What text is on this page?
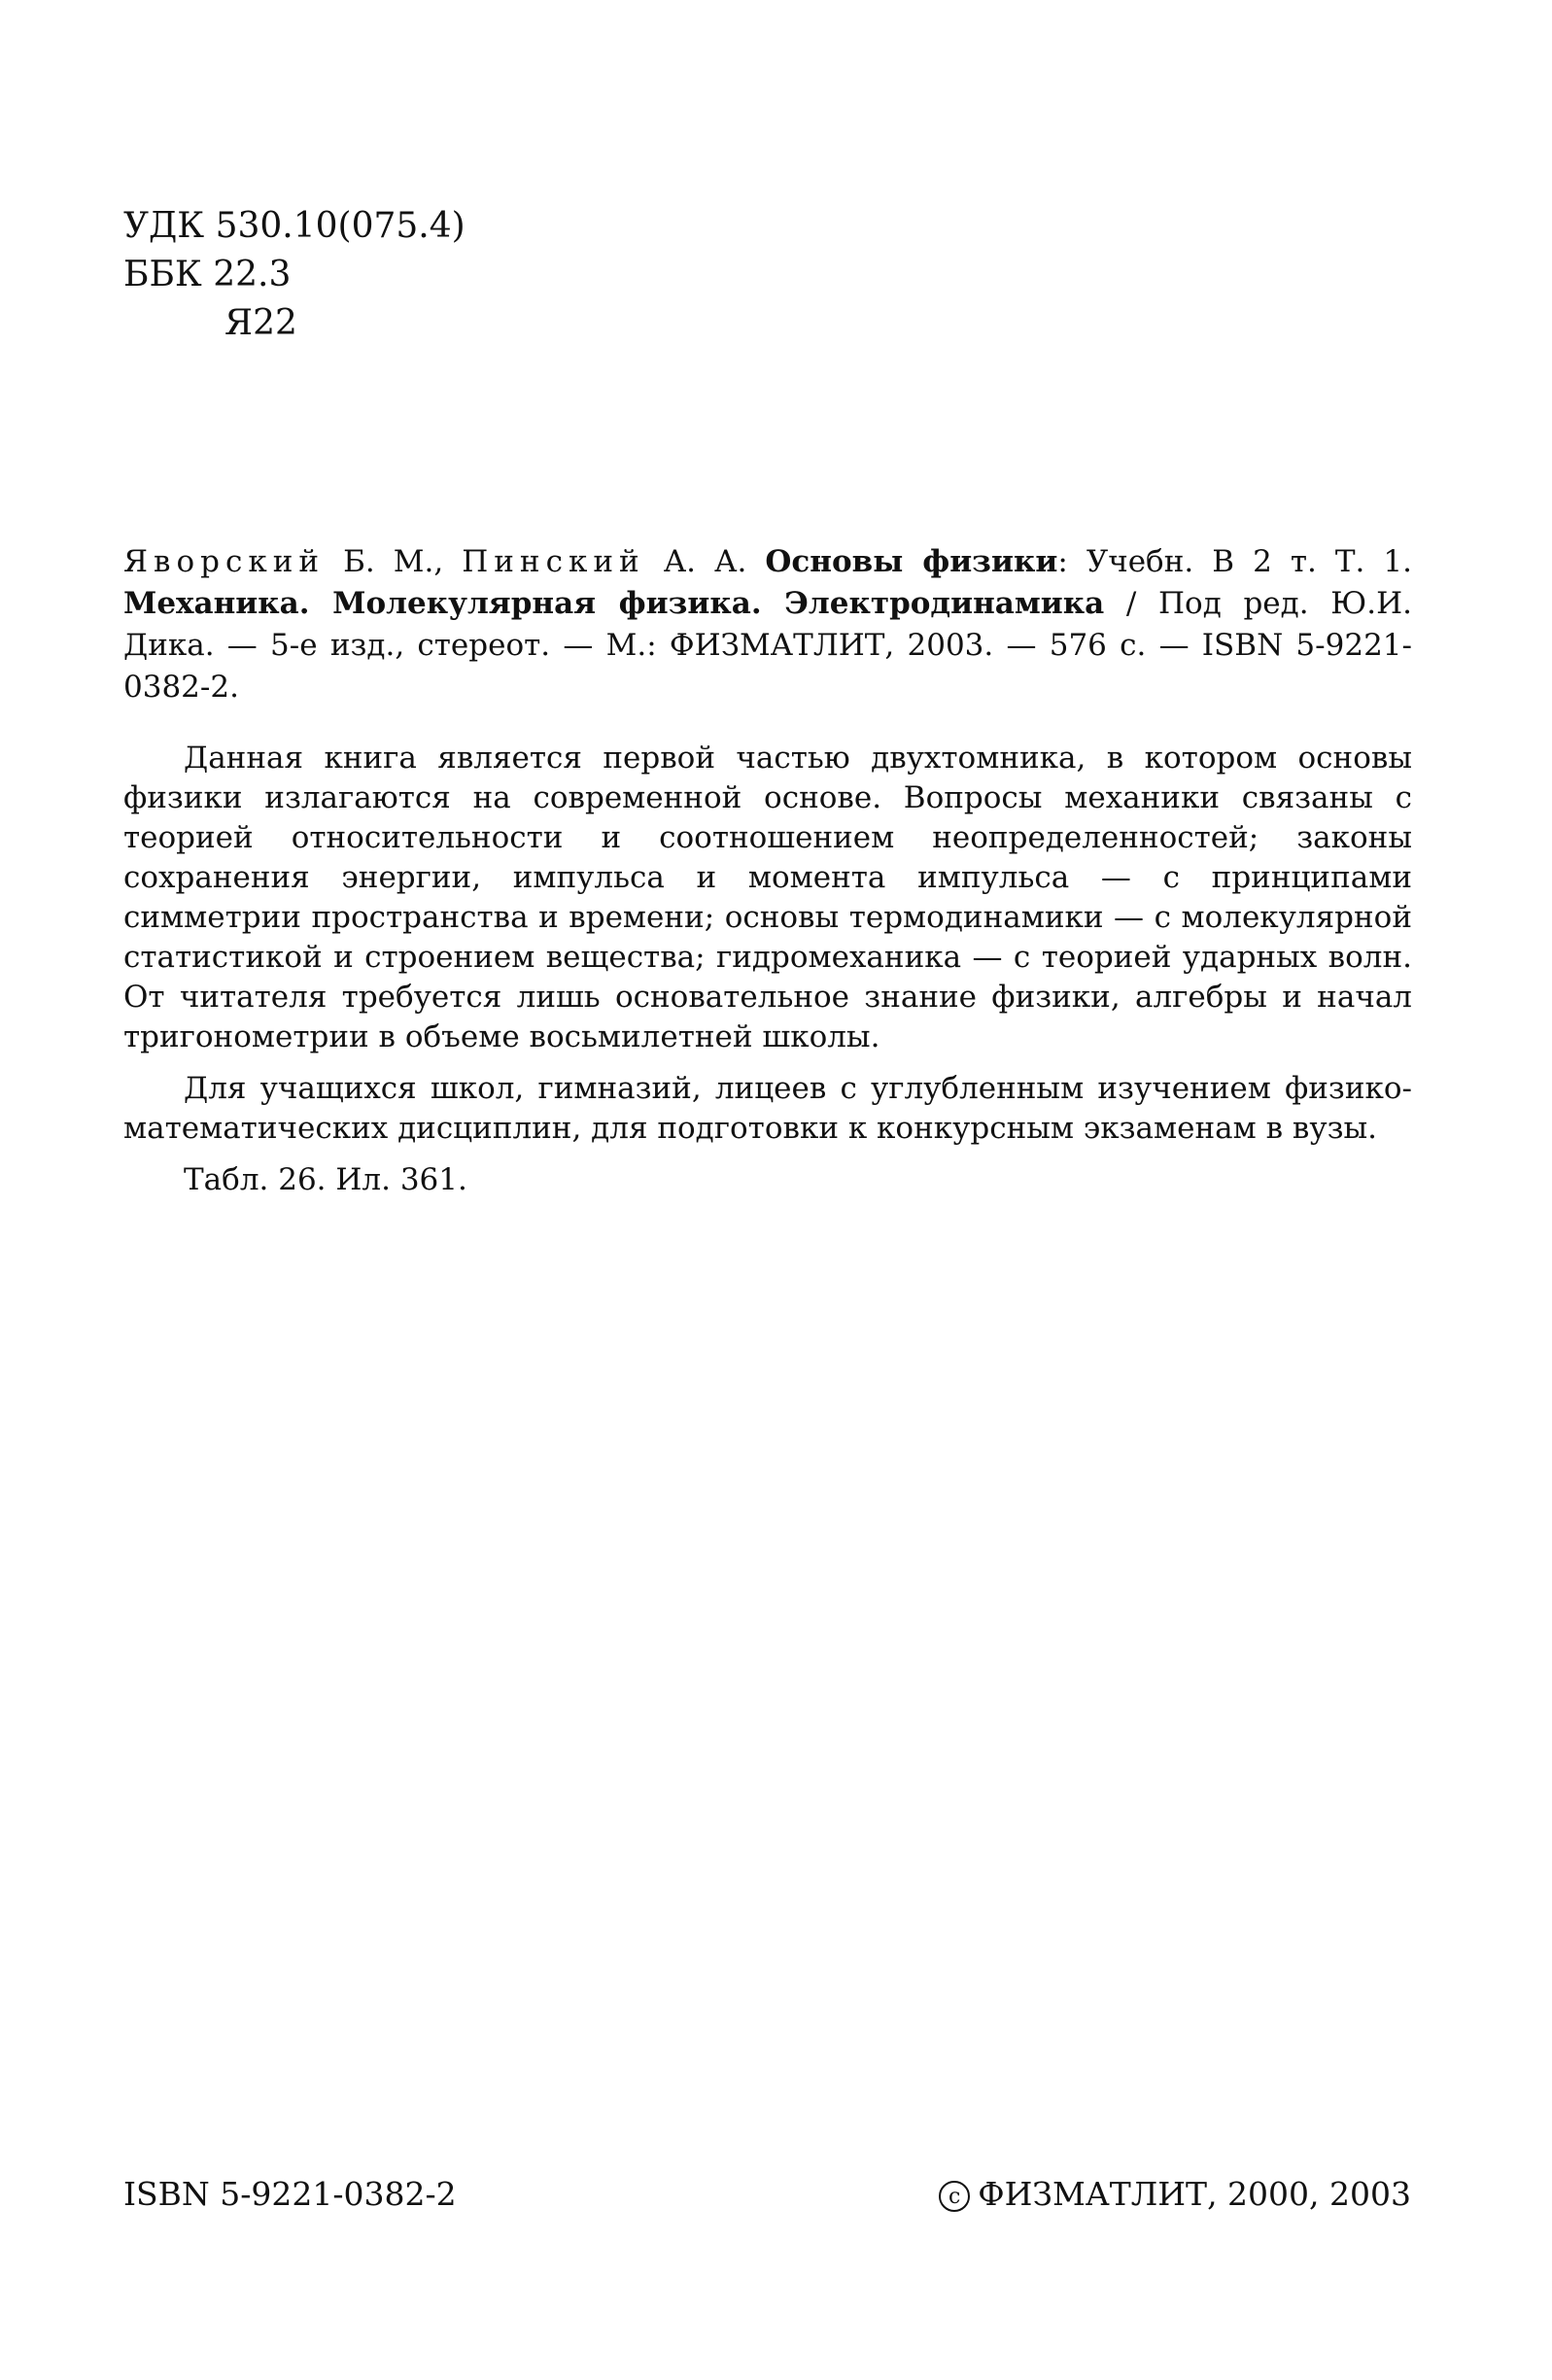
УДК 530.10(075.4)
ББК 22.3
Я22
Яворский Б. М., Пинский А. А. Основы физики: Учебн. В 2 т. Т. 1. Механика. Молекулярная физика. Электродинамика / Под ред. Ю.И. Дика. — 5-е изд., стереот. — М.: ФИЗМАТЛИТ, 2003. — 576 с. — ISBN 5-9221-0382-2.

Данная книга является первой частью двухтомника, в котором основы физики излагаются на современной основе. Вопросы механики связаны с теорией относительности и соотношением неопределенностей; законы сохранения энергии, импульса и момента импульса — с принципами симметрии пространства и времени; основы термодинамики — с молекулярной статистикой и строением вещества; гидромеханика — с теорией ударных волн. От читателя требуется лишь основательное знание физики, алгебры и начал тригонометрии в объеме восьмилетней школы.

Для учащихся школ, гимназий, лицеев с углубленным изучением физико-математических дисциплин, для подготовки к конкурсным экзаменам в вузы.

Табл. 26. Ил. 361.

ISBN 5-9221-0382-2	c ФИЗМАТЛИТ, 2000, 2003
